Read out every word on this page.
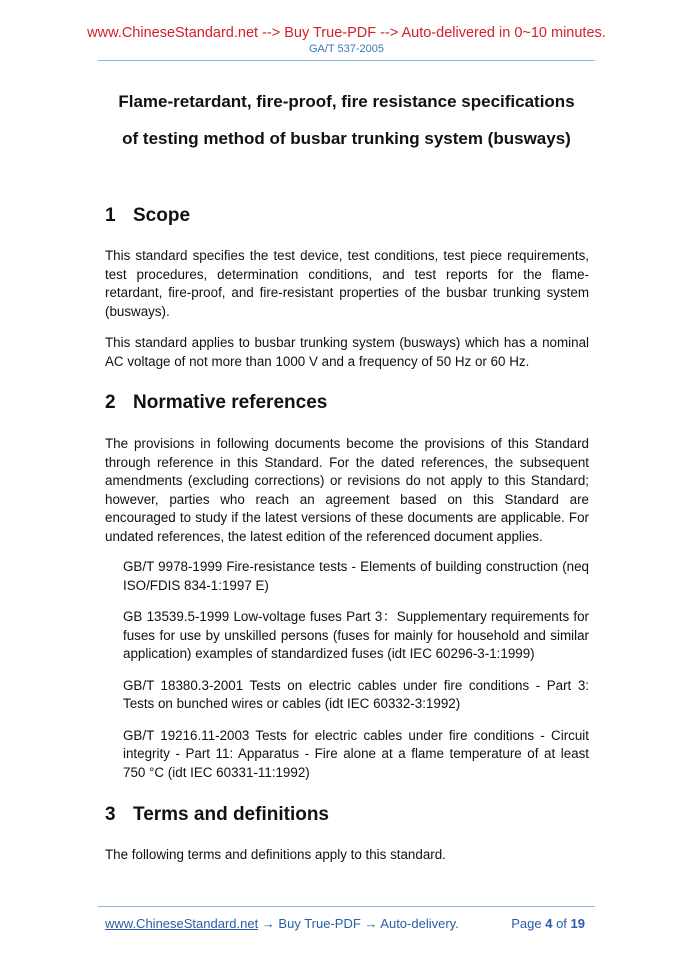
www.ChineseStandard.net --> Buy True-PDF --> Auto-delivered in 0~10 minutes.
GA/T 537-2005

Flame-retardant, fire-proof, fire resistance specifications

of testing method of busbar trunking system (busways)

1 Scope

This standard specifies the test device, test conditions, test piece requirements, test procedures, determination conditions, and test reports for the flame-retardant, fire-proof, and fire-resistant properties of the busbar trunking system (busways).

This standard applies to busbar trunking system (busways) which has a nominal AC voltage of not more than 1000 V and a frequency of 50 Hz or 60 Hz.

2 Normative references

The provisions in following documents become the provisions of this Standard through reference in this Standard. For the dated references, the subsequent amendments (excluding corrections) or revisions do not apply to this Standard; however, parties who reach an agreement based on this Standard are encouraged to study if the latest versions of these documents are applicable. For undated references, the latest edition of the referenced document applies.

GB/T 9978-1999 Fire-resistance tests - Elements of building construction (neq ISO/FDIS 834-1:1997 E)

GB 13539.5-1999 Low-voltage fuses Part 3：Supplementary requirements for fuses for use by unskilled persons (fuses for mainly for household and similar application) examples of standardized fuses (idt IEC 60296-3-1:1999)

GB/T 18380.3-2001 Tests on electric cables under fire conditions - Part 3: Tests on bunched wires or cables (idt IEC 60332-3:1992)

GB/T 19216.11-2003 Tests for electric cables under fire conditions - Circuit integrity - Part 11: Apparatus - Fire alone at a flame temperature of at least 750 °C (idt IEC 60331-11:1992)

3 Terms and definitions

The following terms and definitions apply to this standard.

www.ChineseStandard.net → Buy True-PDF → Auto-delivery.	Page 4 of 19
